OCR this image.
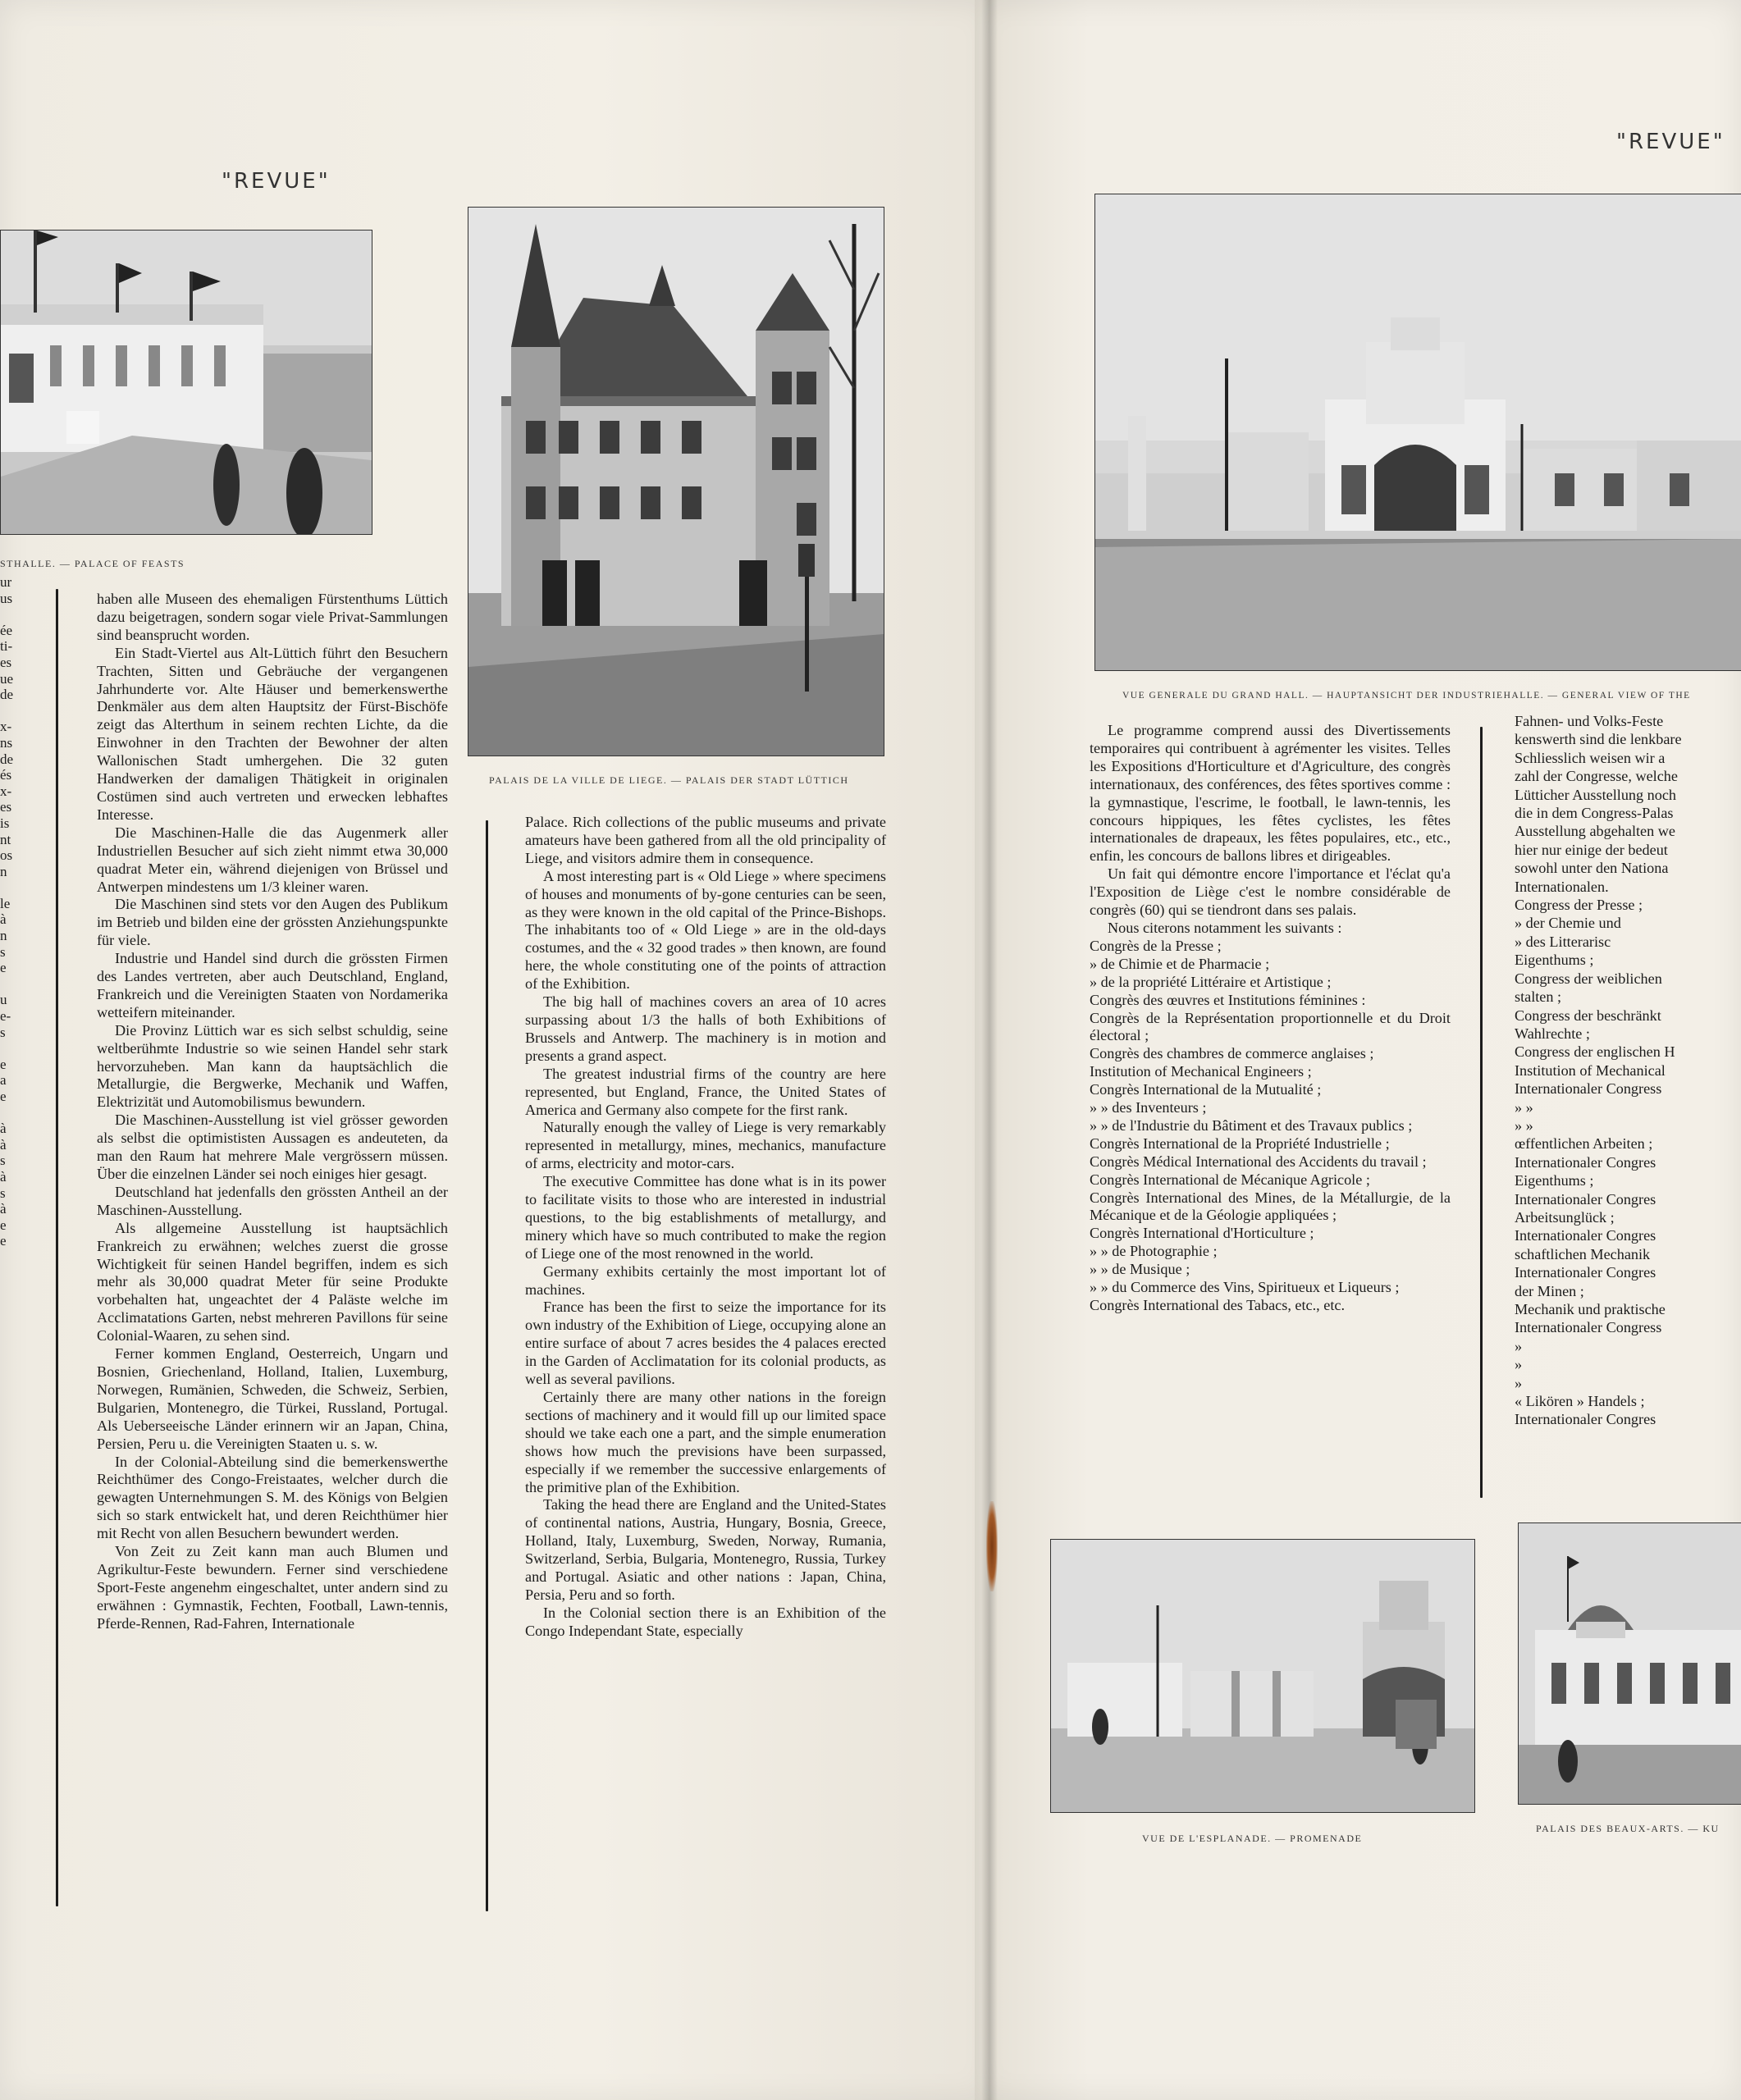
"REVUE"
STHALLE. — PALACE OF FEASTS
PALAIS DE LA VILLE DE LIEGE. — PALAIS DER STADT LÜTTICH
ur
us

ée
ti-
es
ue
de

x-
ns
de
és
x-
es
is
nt
os
n

le
à
n
s
e

u
e-
s

e
a
e

à
à
s
à
s
à
e
e

haben alle Museen des ehemaligen Fürstenthums Lüttich dazu beigetragen, sondern sogar viele Privat-Sammlungen sind beansprucht worden.

Ein Stadt-Viertel aus Alt-Lüttich führt den Besuchern Trachten, Sitten und Gebräuche der vergangenen Jahrhunderte vor. Alte Häuser und bemerkenswerthe Denkmäler aus dem alten Hauptsitz der Fürst-Bischöfe zeigt das Alterthum in seinem rechten Lichte, da die Einwohner in den Trachten der Bewohner der alten Wallonischen Stadt umhergehen. Die 32 guten Handwerken der damaligen Thätigkeit in originalen Costümen sind auch vertreten und erwecken lebhaftes Interesse.

Die Maschinen-Halle die das Augenmerk aller Industriellen Besucher auf sich zieht nimmt etwa 30,000 quadrat Meter ein, während diejenigen von Brüssel und Antwerpen mindestens um 1/3 kleiner waren.

Die Maschinen sind stets vor den Augen des Publikum im Betrieb und bilden eine der grössten Anziehungspunkte für viele.

Industrie und Handel sind durch die grössten Firmen des Landes vertreten, aber auch Deutschland, England, Frankreich und die Vereinigten Staaten von Nordamerika wetteifern miteinander.

Die Provinz Lüttich war es sich selbst schuldig, seine weltberühmte Industrie so wie seinen Handel sehr stark hervorzuheben. Man kann da hauptsächlich die Metallurgie, die Bergwerke, Mechanik und Waffen, Elektrizität und Automobilismus bewundern.

Die Maschinen-Ausstellung ist viel grösser geworden als selbst die optimististen Aussagen es andeuteten, da man den Raum hat mehrere Male vergrössern müssen. Über die einzelnen Länder sei noch einiges hier gesagt.

Deutschland hat jedenfalls den grössten Antheil an der Maschinen-Ausstellung.

Als allgemeine Ausstellung ist hauptsächlich Frankreich zu erwähnen; welches zuerst die grosse Wichtigkeit für seinen Handel begriffen, indem es sich mehr als 30,000 quadrat Meter für seine Produkte vorbehalten hat, ungeachtet der 4 Paläste welche im Acclimatations Garten, nebst mehreren Pavillons für seine Colonial-Waaren, zu sehen sind.

Ferner kommen England, Oesterreich, Ungarn und Bosnien, Griechenland, Holland, Italien, Luxemburg, Norwegen, Rumänien, Schweden, die Schweiz, Serbien, Bulgarien, Montenegro, die Türkei, Russland, Portugal. Als Ueberseeische Länder erinnern wir an Japan, China, Persien, Peru u. die Vereinigten Staaten u. s. w.

In der Colonial-Abteilung sind die bemerkenswerthe Reichthümer des Congo-Freistaates, welcher durch die gewagten Unternehmungen S. M. des Königs von Belgien sich so stark entwickelt hat, und deren Reichthümer hier mit Recht von allen Besuchern bewundert werden.

Von Zeit zu Zeit kann man auch Blumen und Agrikultur-Feste bewundern. Ferner sind verschiedene Sport-Feste angenehm eingeschaltet, unter andern sind zu erwähnen : Gymnastik, Fechten, Football, Lawn-tennis, Pferde-Rennen, Rad-Fahren, Internationale

Palace. Rich collections of the public museums and private amateurs have been gathered from all the old principality of Liege, and visitors admire them in consequence.

A most interesting part is « Old Liege » where specimens of houses and monuments of by-gone centuries can be seen, as they were known in the old capital of the Prince-Bishops. The inhabitants too of « Old Liege » are in the old-days costumes, and the « 32 good trades » then known, are found here, the whole constituting one of the points of attraction of the Exhibition.

The big hall of machines covers an area of 10 acres surpassing about 1/3 the halls of both Exhibitions of Brussels and Antwerp. The machinery is in motion and presents a grand aspect.

The greatest industrial firms of the country are here represented, but England, France, the United States of America and Germany also compete for the first rank.

Naturally enough the valley of Liege is very remarkably represented in metallurgy, mines, mechanics, manufacture of arms, electricity and motor-cars.

The executive Committee has done what is in its power to facilitate visits to those who are interested in industrial questions, to the big establishments of metallurgy, and minery which have so much contributed to make the region of Liege one of the most renowned in the world.

Germany exhibits certainly the most important lot of machines.

France has been the first to seize the importance for its own industry of the Exhibition of Liege, occupying alone an entire surface of about 7 acres besides the 4 palaces erected in the Garden of Acclimatation for its colonial products, as well as several pavilions.

Certainly there are many other nations in the foreign sections of machinery and it would fill up our limited space should we take each one a part, and the simple enumeration shows how much the previsions have been surpassed, especially if we remember the successive enlargements of the primitive plan of the Exhibition.

Taking the head there are England and the United-States of continental nations, Austria, Hungary, Bosnia, Greece, Holland, Italy, Luxemburg, Sweden, Norway, Rumania, Switzerland, Serbia, Bulgaria, Montenegro, Russia, Turkey and Portugal. Asiatic and other nations : Japan, China, Persia, Peru and so forth.

In the Colonial section there is an Exhibition of the Congo Independant State, especially

"REVUE"
VUE GENERALE DU GRAND HALL. — HAUPTANSICHT DER INDUSTRIEHALLE. — GENERAL VIEW OF THE

Le programme comprend aussi des Divertissements temporaires qui contribuent à agrémenter les visites. Telles les Expositions d'Horticulture et d'Agriculture, des congrès internationaux, des conférences, des fêtes sportives comme : la gymnastique, l'escrime, le football, le lawn-tennis, les concours hippiques, les fêtes cyclistes, les fêtes internationales de drapeaux, les fêtes populaires, etc., etc., enfin, les concours de ballons libres et dirigeables.

Un fait qui démontre encore l'importance et l'éclat qu'a l'Exposition de Liège c'est le nombre considérable de congrès (60) qui se tiendront dans ses palais.

Nous citerons notamment les suivants :

Congrès de la Presse ;
» de Chimie et de Pharmacie ;
» de la propriété Littéraire et Artistique ;
Congrès des œuvres et Institutions féminines :
Congrès de la Représentation proportionnelle et du Droit électoral ;
Congrès des chambres de commerce anglaises ;
Institution of Mechanical Engineers ;
Congrès International de la Mutualité ;
» » des Inventeurs ;
» » de l'Industrie du Bâtiment et des Travaux publics ;
Congrès International de la Propriété Industrielle ;
Congrès Médical International des Accidents du travail ;
Congrès International de Mécanique Agricole ;
Congrès International des Mines, de la Métallurgie, de la Mécanique et de la Géologie appliquées ;
Congrès International d'Horticulture ;
» » de Photographie ;
» » de Musique ;
» » du Commerce des Vins, Spiritueux et Liqueurs ;
Congrès International des Tabacs, etc., etc.
Fahnen- und Volks-Feste
kenswerth sind die lenkbare
Schliesslich weisen wir a
zahl der Congresse, welche
Lütticher Ausstellung noch
die in dem Congress-Palas
Ausstellung abgehalten we
hier nur einige der bedeut
sowohl unter den Nationa
Internationalen.
Congress der Presse ;
» der Chemie und
» des Litterarisc
Eigenthums ;
Congress der weiblichen
stalten ;
Congress der beschränkt
Wahlrechte ;
Congress der englischen H
Institution of Mechanical
Internationaler Congress
» »
» »
œffentlichen Arbeiten ;
Internationaler Congres
Eigenthums ;
Internationaler Congres
Arbeitsunglück ;
Internationaler Congres
schaftlichen Mechanik
Internationaler Congres
der Minen ;
Mechanik und praktische
Internationaler Congress
»
»
»
« Likören » Handels ;
Internationaler Congres
VUE DE L'ESPLANADE. — PROMENADE
PALAIS DES BEAUX-ARTS. — KU
